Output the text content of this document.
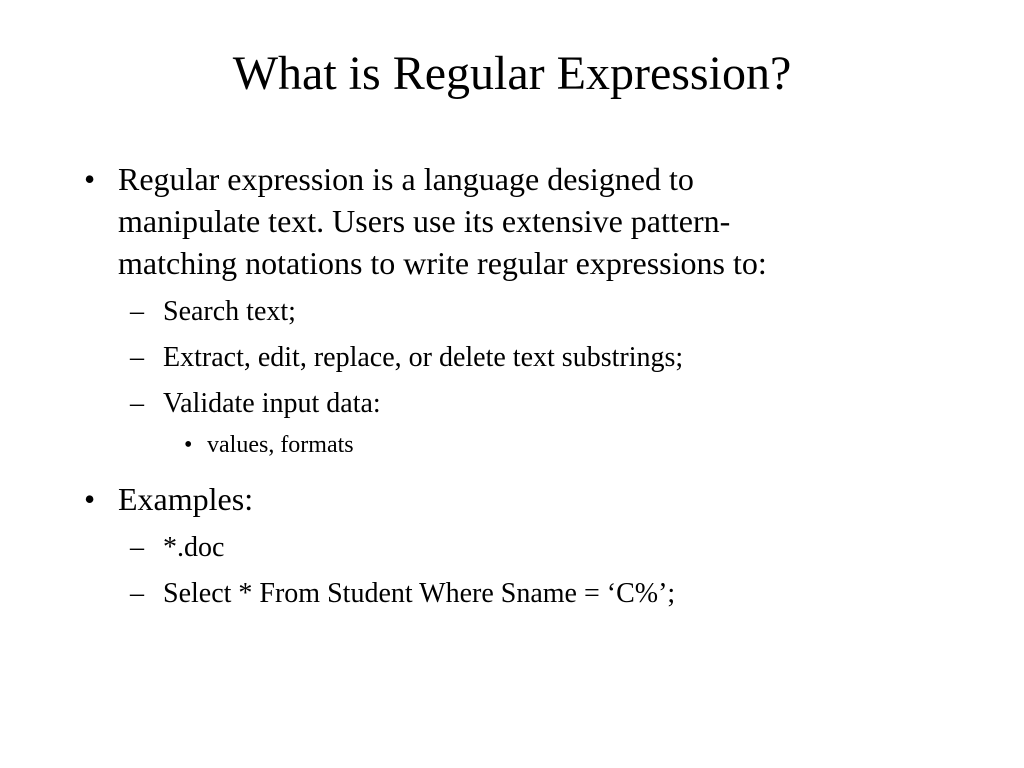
What is Regular Expression?
• Regular expression is a language designed to
manipulate text. Users use its extensive pattern-
matching notations to write regular expressions to:
– Search text;
– Extract, edit, replace, or delete text substrings;
– Validate input data:
• values, formats
• Examples:
– *.doc
– Select * From Student Where Sname = ‘C%’;
